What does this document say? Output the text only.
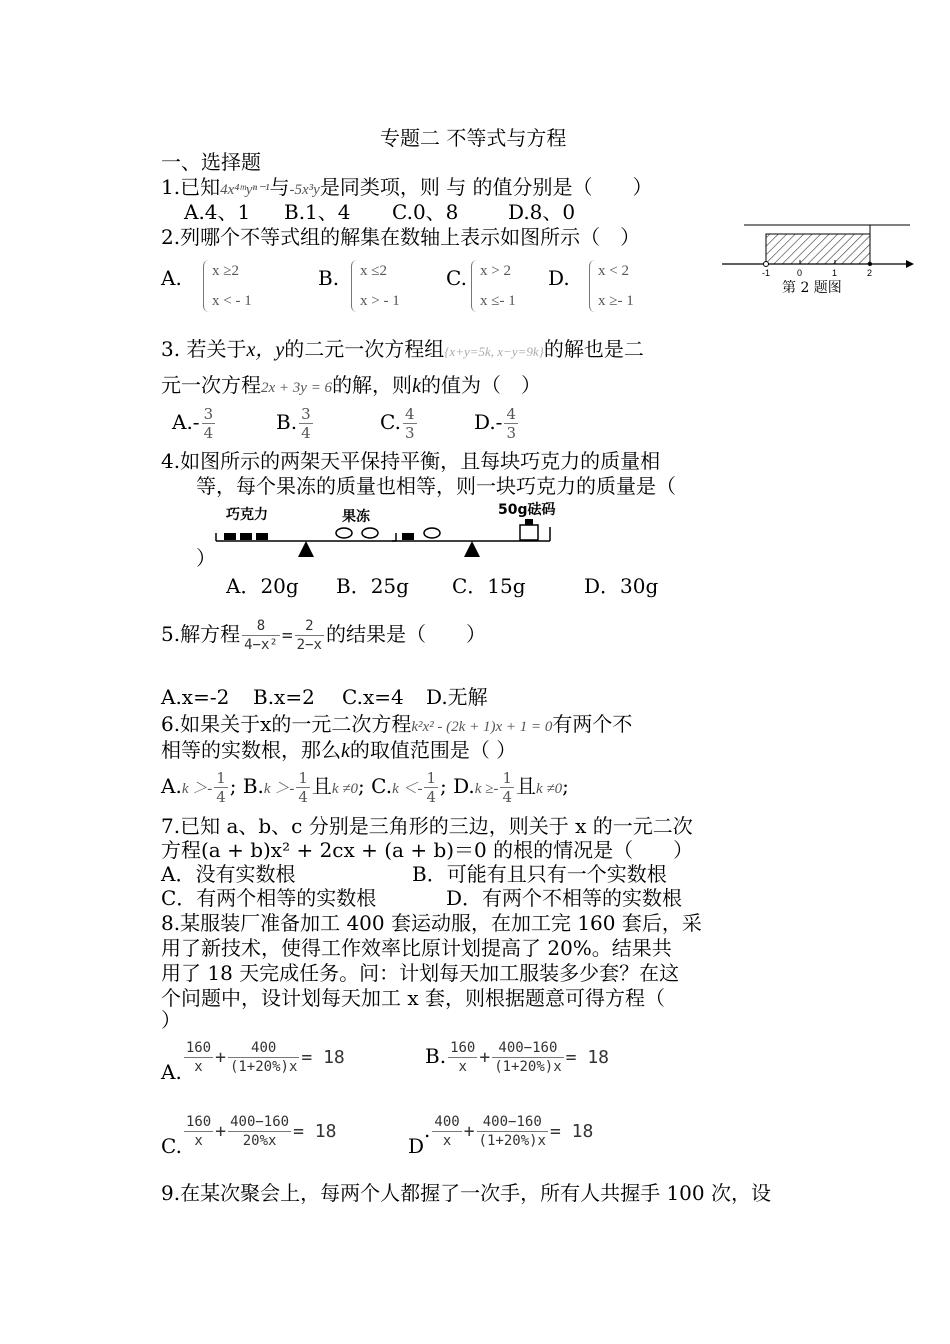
专题二 不等式与方程
一、选择题
1.已知4x⁴ᵐyⁿ⁻¹与-5x³y是同类项，则 与 的值分别是（　　）
A.4、1 B.1、4 C.0、8 D.8、0
2.列哪个不等式组的解集在数轴上表示如图所示（　）
A. x ≥2
x < - 1
B. x ≤2
x > - 1
C. x > 2
x ≤- 1
D. x < 2
x ≥- 1
-1	0	1	2
第 2 题图
3. 若关于x，y的二元一次方程组{x+y=5k, x−y=9k}的解也是二
元一次方程2x + 3y = 6的解，则k的值为（　）
$A.- \frac{3}{4}$	B. $\frac{3}{4}$	C. $\frac{4}{3}$	$D.- \frac{4}{3}$
4.如图所示的两架天平保持平衡，且每块巧克力的质量相
等，每个果冻的质量也相等，则一块巧克力的质量是（
巧克力	果冻	50g砝码
）
A．20g B．25g C．15g	D．30g
5.解方程 $\frac{8}{\text{4−x²}} = \frac{2}{2-x}$ 的结果是（　　）
A.x=-2 B.x=2 C.x=4 D.无解
6.如果关于x的一元二次方程k²x² - (2k + 1)x + 1 = 0有两个不
相等的实数根，那么k的取值范围是（ ）
$A.k >- \frac{1}{4}$ ; $B.k >- \frac{1}{4}$ 且k ≠0; $C.k <- \frac{1}{4}$ ; $D.k \ge- \frac{1}{4}$ 且k ≠0;
7.已知 a、b、c 分别是三角形的三边，则关于 x 的一元二次
方程(a + b)x² + 2cx + (a + b)＝0 的根的情况是（　　）
A．没有实数根	B．可能有且只有一个实数根
C．有两个相等的实数根	D．有两个不相等的实数根
8.某服装厂准备加工 400 套运动服，在加工完 160 套后，采
用了新技术，使得工作效率比原计划提高了 20%。结果共
用了 18 天完成任务。问：计划每天加工服装多少套？在这
个问题中，设计划每天加工 x 套，则根据题意可得方程（
）
A. $\frac{160}{x} + \frac{400}{(1+20\%)x} = 18$	B. $\frac{160}{x} + \frac{400-160}{(1+20\%)x} = 18$
C. $\frac{160}{x} + \frac{400-160}{20\%x} = 18$
D. $\frac{400}{x} + \frac{400-160}{(1+20\%)x} = 18$
9.在某次聚会上，每两个人都握了一次手，所有人共握手 100 次，设
